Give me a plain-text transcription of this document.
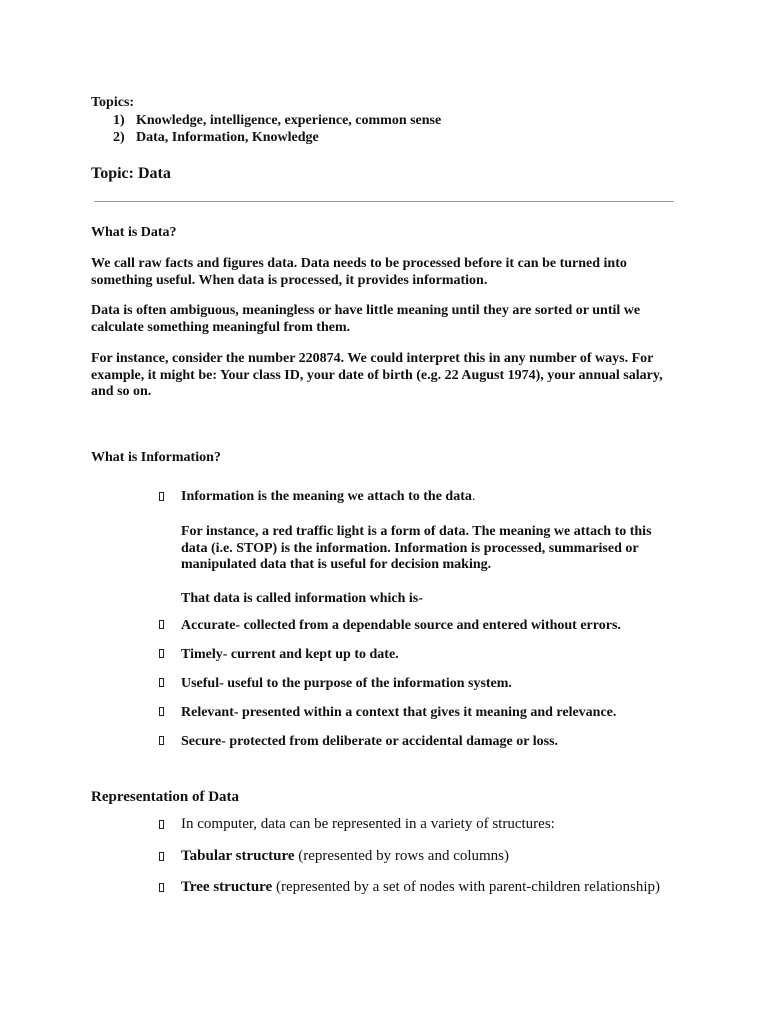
Topics:
1) Knowledge, intelligence, experience, common sense
2) Data, Information, Knowledge
Topic: Data
What is Data?
We call raw facts and figures data. Data needs to be processed before it can be turned into something useful. When data is processed, it provides information.
Data is often ambiguous, meaningless or have little meaning until they are sorted or until we calculate something meaningful from them.
For instance, consider the number 220874. We could interpret this in any number of ways. For example, it might be: Your class ID, your date of birth (e.g. 22 August 1974), your annual salary, and so on.
What is Information?
Information is the meaning we attach to the data.
For instance, a red traffic light is a form of data. The meaning we attach to this data (i.e. STOP) is the information. Information is processed, summarised or manipulated data that is useful for decision making.
That data is called information which is-
Accurate- collected from a dependable source and entered without errors.
Timely- current and kept up to date.
Useful- useful to the purpose of the information system.
Relevant- presented within a context that gives it meaning and relevance.
Secure- protected from deliberate or accidental damage or loss.
Representation of Data
In computer, data can be represented in a variety of structures:
Tabular structure (represented by rows and columns)
Tree structure (represented by a set of nodes with parent-children relationship)
